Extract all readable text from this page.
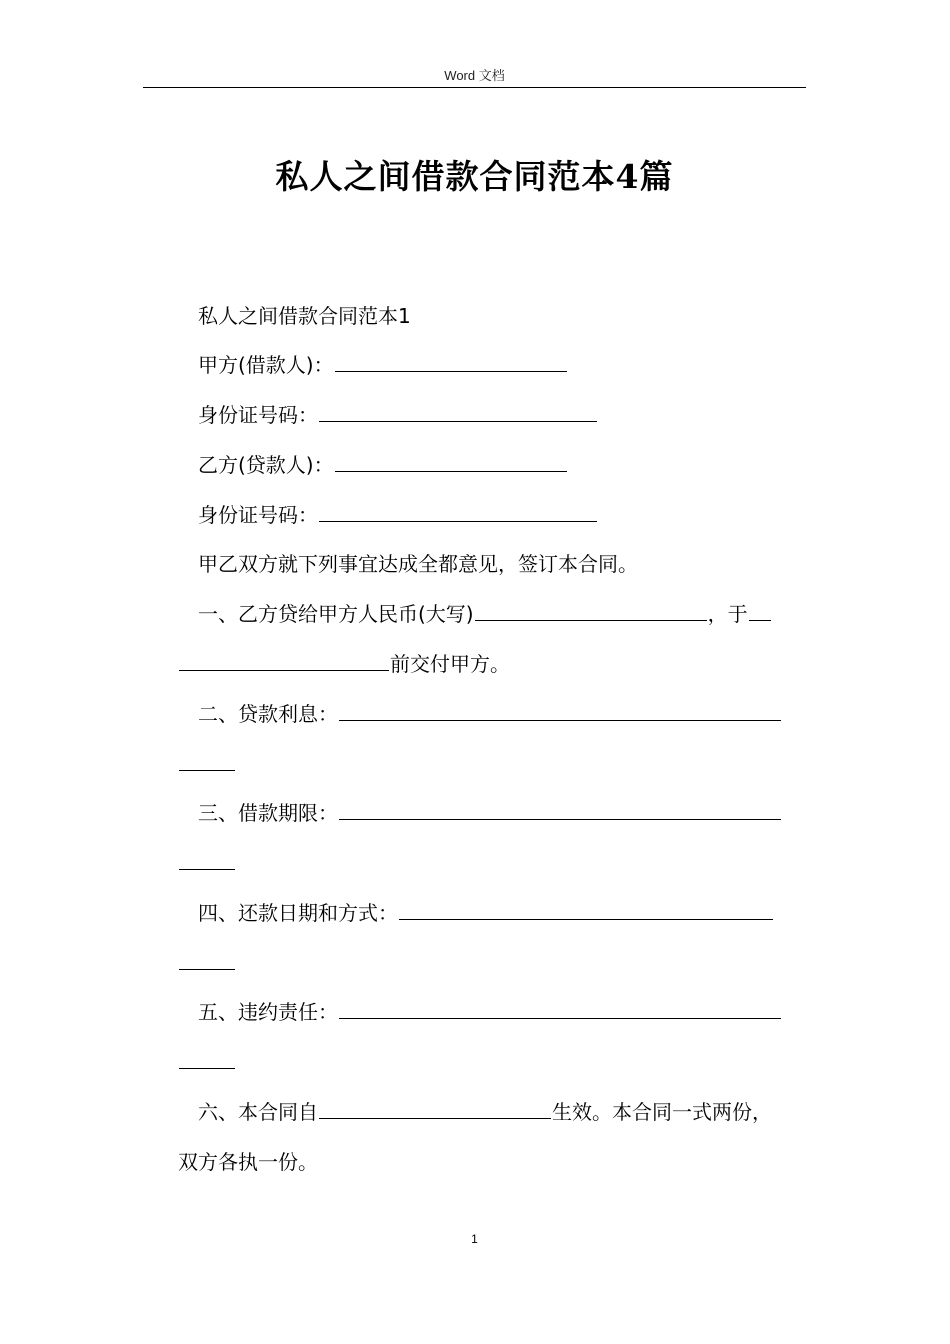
Word 文档
私人之间借款合同范本4篇
私人之间借款合同范本1
甲方(借款人)：
身份证号码：
乙方(贷款人)：
身份证号码：
甲乙双方就下列事宜达成全都意见，签订本合同。
一、乙方贷给甲方人民币(大写)	，于
前交付甲方。
二、贷款利息：
三、借款期限：
四、还款日期和方式：
五、违约责任：
六、本合同自	生效。本合同一式两份，
双方各执一份。
1
